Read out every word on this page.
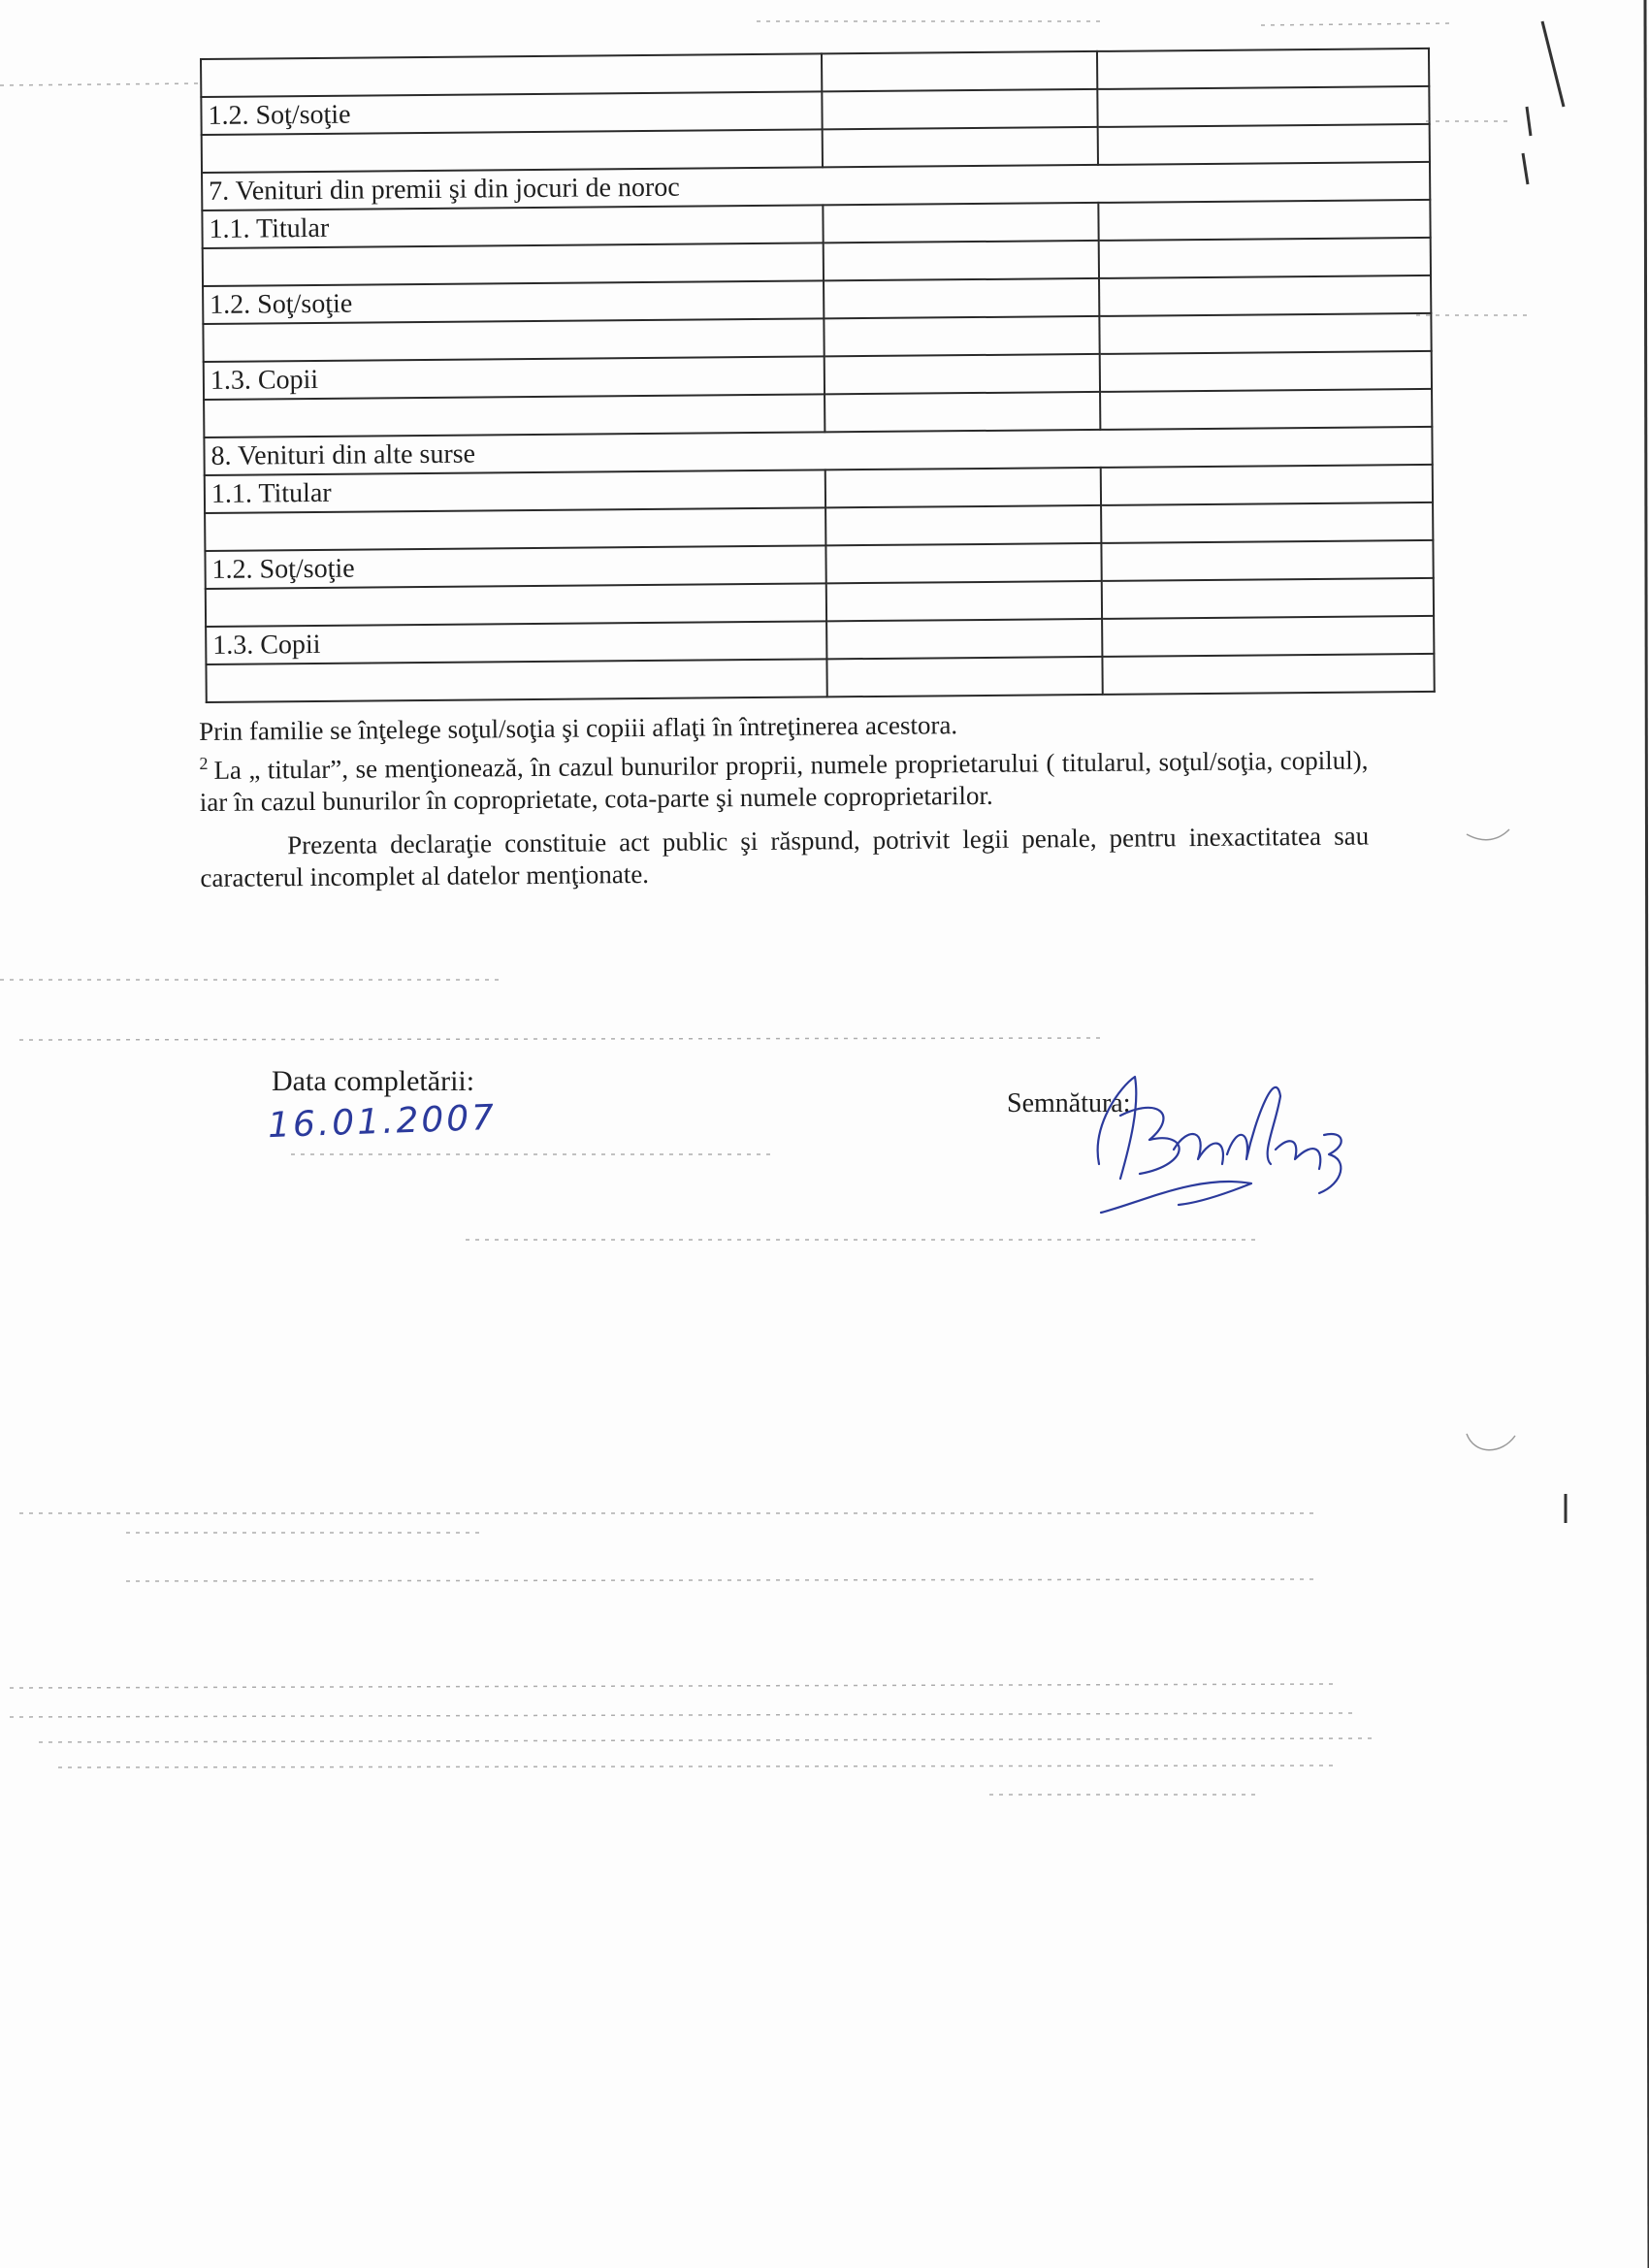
1.2. Soţ/soţie		

7. Venituri din premii şi din jocuri de noroc		
1.1. Titular		

1.2. Soţ/soţie		

1.3. Copii		

8. Venituri din alte surse		
1.1. Titular		

1.2. Soţ/soţie		

1.3. Copii		

Prin familie se înţelege soţul/soţia şi copiii aflaţi în întreţinerea acestora.

$^2$ La „ titular”, se menţionează, în cazul bunurilor proprii, numele proprietarului ( titularul, soţul/soţia, copilul), iar în cazul bunurilor în coproprietate, cota-parte şi numele coproprietarilor.

Prezenta declaraţie constituie act public şi răspund, potrivit legii penale, pentru inexactitatea sau caracterul incomplet al datelor menţionate.

Data completării:
16.01.2007	Semnătura:
